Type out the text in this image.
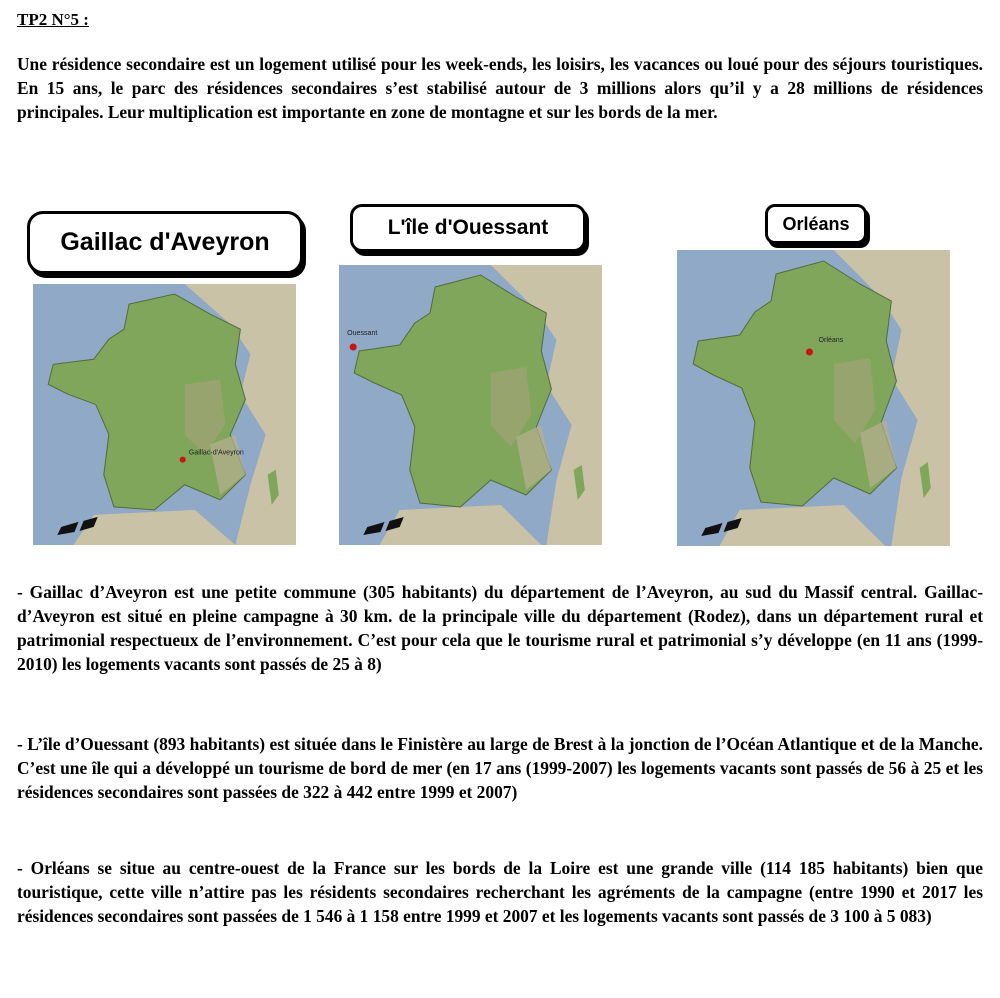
TP2 N°5 :

Une résidence secondaire est un logement utilisé pour les week-ends, les loisirs, les vacances ou loué pour des séjours touristiques. En 15 ans, le parc des résidences secondaires s’est stabilisé autour de 3 millions alors qu’il y a 28 millions de résidences principales. Leur multiplication est importante en zone de montagne et sur les bords de la mer.

Gaillac d'Aveyron
L'île d'Ouessant	Orléans
Gaillac-d'Aveyron
Ouessant
Orléans

- Gaillac d’Aveyron est une petite commune (305 habitants) du département de l’Aveyron, au sud du Massif central. Gaillac-d’Aveyron est situé en pleine campagne à 30 km. de la principale ville du département (Rodez), dans un département rural et patrimonial respectueux de l’environnement. C’est pour cela que le tourisme rural et patrimonial s’y développe (en 11 ans (1999-2010) les logements vacants sont passés de 25 à 8)

- L’île d’Ouessant (893 habitants) est située dans le Finistère au large de Brest à la jonction de l’Océan Atlantique et de la Manche. C’est une île qui a développé un tourisme de bord de mer (en 17 ans (1999-2007) les logements vacants sont passés de 56 à 25 et les résidences secondaires sont passées de 322 à 442 entre 1999 et 2007)

- Orléans se situe au centre-ouest de la France sur les bords de la Loire est une grande ville (114 185 habitants) bien que touristique, cette ville n’attire pas les résidents secondaires recherchant les agréments de la campagne (entre 1990 et 2017 les résidences secondaires sont passées de 1 546 à 1 158 entre 1999 et 2007 et les logements vacants sont passés de 3 100 à 5 083)
